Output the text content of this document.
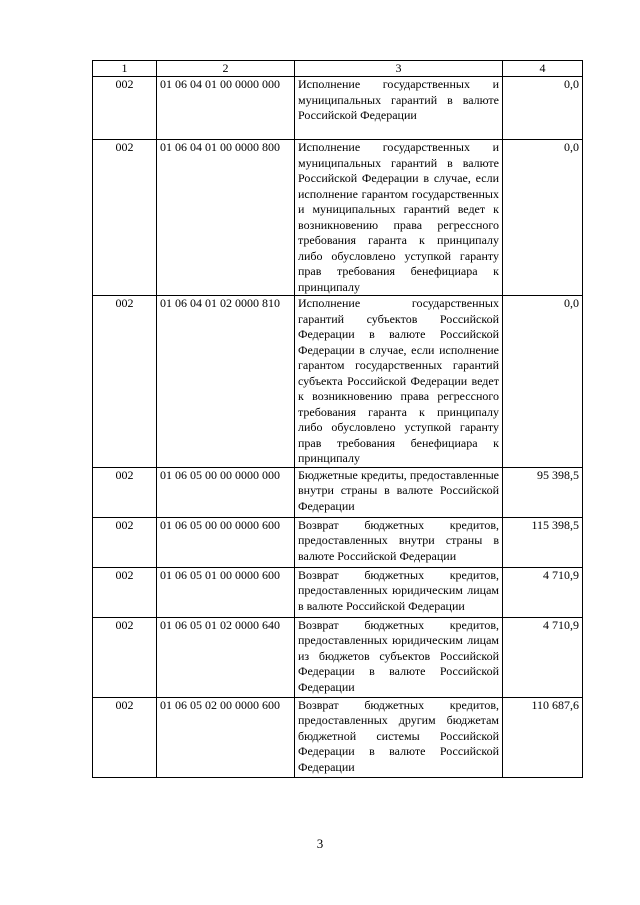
1	2	3	4
002	01 06 04 01 00 0000 000	Исполнение государственных и муниципальных гарантий в валюте Российской Федерации	0,0
002	01 06 04 01 00 0000 800	Исполнение государственных и муниципальных гарантий в валюте Российской Федерации в случае, если исполнение гарантом государственных и муниципальных гарантий ведет к возникновению права регрессного требования гаранта к принципалу либо обусловлено уступкой гаранту прав требования бенефициара к принципалу	0,0
002	01 06 04 01 02 0000 810	Исполнение государственных гарантий субъектов Российской Федерации в валюте Российской Федерации в случае, если исполнение гарантом государственных гарантий субъекта Российской Федерации ведет к возникновению права регрессного требования гаранта к принципалу либо обусловлено уступкой гаранту прав требования бенефициара к принципалу	0,0
002	01 06 05 00 00 0000 000	Бюджетные кредиты, предоставленные внутри страны в валюте Российской Федерации	95 398,5
002	01 06 05 00 00 0000 600	Возврат бюджетных кредитов, предоставленных внутри страны в валюте Российской Федерации	115 398,5
002	01 06 05 01 00 0000 600	Возврат бюджетных кредитов, предоставленных юридическим лицам в валюте Российской Федерации	4 710,9
002	01 06 05 01 02 0000 640	Возврат бюджетных кредитов, предоставленных юридическим лицам из бюджетов субъектов Российской Федерации в валюте Российской Федерации	4 710,9
002	01 06 05 02 00 0000 600	Возврат бюджетных кредитов, предоставленных другим бюджетам бюджетной системы Российской Федерации в валюте Российской Федерации	110 687,6
3
